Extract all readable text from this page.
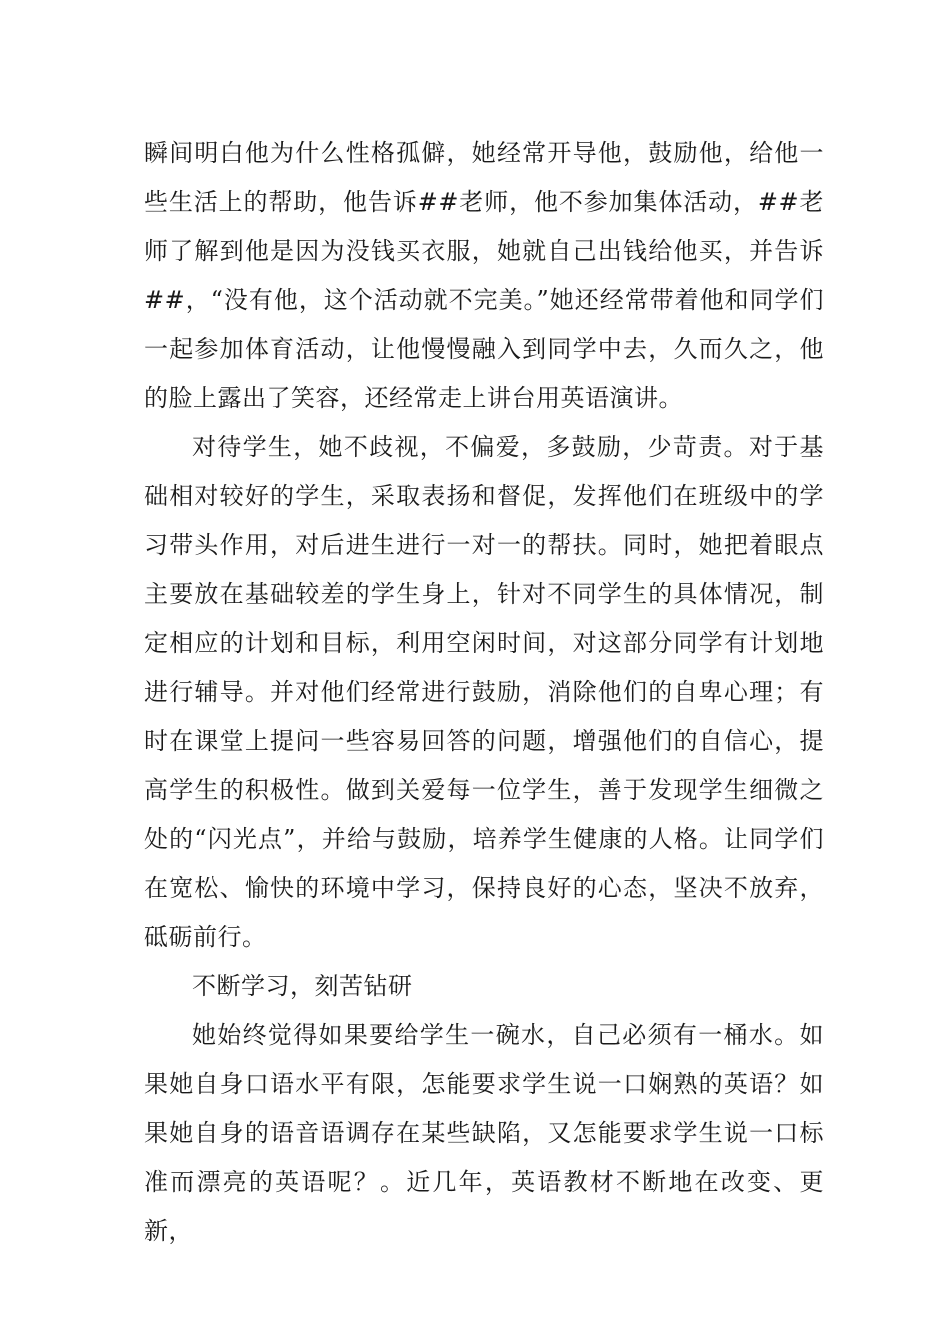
瞬间明白他为什么性格孤僻，她经常开导他，鼓励他，给他一些生活上的帮助，他告诉##老师，他不参加集体活动，##老师了解到他是因为没钱买衣服，她就自己出钱给他买，并告诉##，“没有他，这个活动就不完美。”她还经常带着他和同学们一起参加体育活动，让他慢慢融入到同学中去，久而久之，他的脸上露出了笑容，还经常走上讲台用英语演讲。

对待学生，她不歧视，不偏爱，多鼓励，少苛责。对于基础相对较好的学生，采取表扬和督促，发挥他们在班级中的学习带头作用，对后进生进行一对一的帮扶。同时，她把着眼点主要放在基础较差的学生身上，针对不同学生的具体情况，制定相应的计划和目标，利用空闲时间，对这部分同学有计划地进行辅导。并对他们经常进行鼓励，消除他们的自卑心理；有时在课堂上提问一些容易回答的问题，增强他们的自信心，提高学生的积极性。做到关爱每一位学生，善于发现学生细微之处的“闪光点”，并给与鼓励，培养学生健康的人格。让同学们在宽松、愉快的环境中学习，保持良好的心态，坚决不放弃，砥砺前行。

不断学习，刻苦钻研

她始终觉得如果要给学生一碗水，自己必须有一桶水。如果她自身口语水平有限，怎能要求学生说一口娴熟的英语？如果她自身的语音语调存在某些缺陷，又怎能要求学生说一口标准而漂亮的英语呢？。近几年，英语教材不断地在改变、更新，
